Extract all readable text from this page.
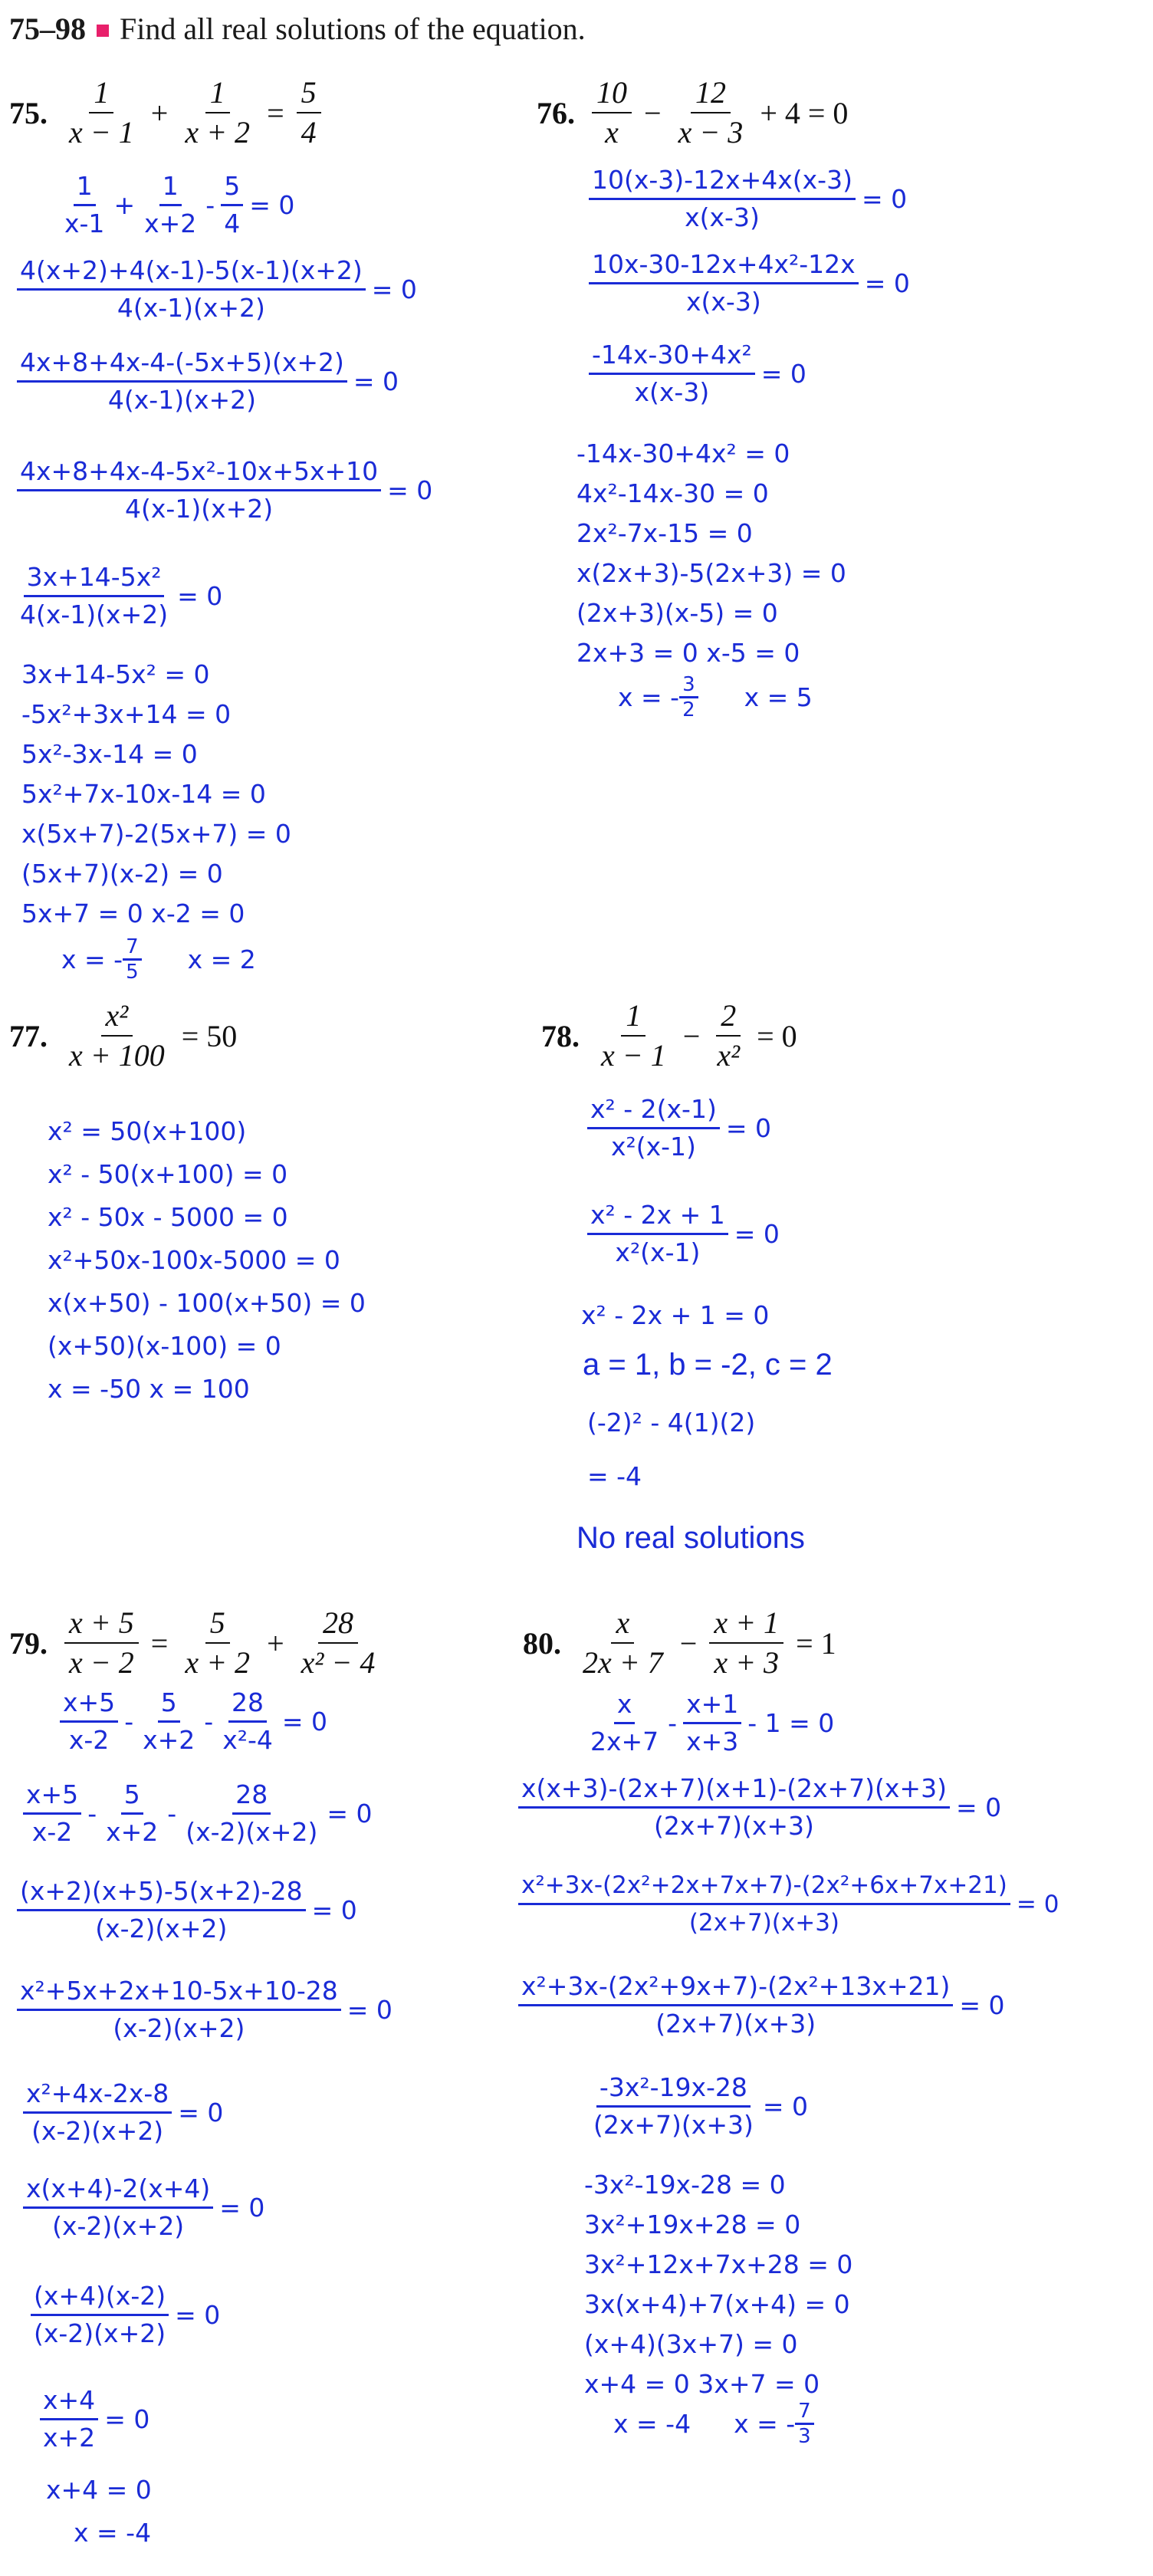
75–98 Find all real solutions of the equation.
75. $\frac{1}{x - 1} + \frac{1}{x + 2} = \frac{5}{4}$
1
x-1
+ $\frac{1}{x+2} - \frac{5}{4} = 0$
$\frac{4(x+2)+4(x-1)-5(x-1)(x+2)}{4(x-1)(x+2)} = 0$
$\frac{4x+8+4x-4-(-5x+5)(x+2)}{4(x-1)(x+2)} = 0$
$\frac{\text{4x+8+4x-4-5x²-10x+5x+10}}{4(x-1)(x+2)} = 0$
$\frac{\text{3x+14-5x²}}{4(x-1)(x+2)} = 0$
3x+14-5x² = 0
-5x²+3x+14 = 0
5x²-3x-14 = 0
5x²+7x-10x-14 = 0
x(5x+7)-2(5x+7) = 0
(5x+7)(x-2) = 0
5x+7 = 0 x-2 = 0
x = - 7
5 x = 2
76. $\frac{10}{x} - \frac{12}{x - 3} + 4 = 0$
$\frac{10(x-3)-12x+4x(x-3)}{x(x-3)} = 0$
$\frac{\text{10x-30-12x+4x²-12x}}{x(x-3)} = 0$
$\frac{\text{-14x-30+4x²}}{x(x-3)} = 0$
-14x-30+4x² = 0
4x²-14x-30 = 0
2x²-7x-15 = 0
x(2x+3)-5(2x+3) = 0
(2x+3)(x-5) = 0
2x+3 = 0 x-5 = 0
x = - 3
2 x = 5
77. $\frac{\text{x²}}{x + 100} = 50$
x² = 50(x+100)
x² - 50(x+100) = 0
x² - 50x - 5000 = 0
x²+50x-100x-5000 = 0
x(x+50) - 100(x+50) = 0
(x+50)(x-100) = 0
x = -50 x = 100
78. $\frac{1}{x - 1} - \frac{2}{\text{x²}} = 0$
$\frac{\text{x² - 2(x-1)}}{\text{x²(x-1)}} = 0$
$\frac{\text{x² - 2x + 1}}{\text{x²(x-1)}} = 0$
x² - 2x + 1 = 0
a = 1, b = -2, c = 2
(-2)² - 4(1)(2)
= -4
No real solutions
79. $\frac{x + 5}{x - 2} = \frac{5}{x + 2} + \frac{28}{\text{x² − 4}}$
x+5
x-2
-
5
x+2
- $\frac{28}{\text{x²-4}} = 0$
x+5
x-2
-
5
x+2
- $\frac{28}{(x-2)(x+2)} = 0$
$\frac{(x+2)(x+5)-5(x+2)-28}{(x-2)(x+2)} = 0$
$\frac{\text{x²+5x+2x+10-5x+10-28}}{(x-2)(x+2)} = 0$
$\frac{\text{x²+4x-2x-8}}{(x-2)(x+2)} = 0$
$\frac{x(x+4)-2(x+4)}{(x-2)(x+2)} = 0$
$\frac{(x+4)(x-2)}{(x-2)(x+2)} = 0$
$\frac{x+4}{x+2} = 0$
x+4 = 0
x = -4
80. $\frac{x}{2x + 7} - \frac{x + 1}{x + 3} = 1$
x
2x+7
-
x+1
x+3
- 1 = 0
$\frac{x(x+3)-(2x+7)(x+1)-(2x+7)(x+3)}{(2x+7)(x+3)} = 0$
$\frac{\text{x²+3x-(2x²+2x+7x+7)-(2x²+6x+7x+21)}}{(2x+7)(x+3)} = 0$
$\frac{\text{x²+3x-(2x²+9x+7)-(2x²+13x+21)}}{(2x+7)(x+3)} = 0$
$\frac{\text{-3x²-19x-28}}{(2x+7)(x+3)} = 0$
-3x²-19x-28 = 0
3x²+19x+28 = 0
3x²+12x+7x+28 = 0
3x(x+4)+7(x+4) = 0
(x+4)(3x+7) = 0
x+4 = 0 3x+7 = 0
x = -4 x = - 7
3
